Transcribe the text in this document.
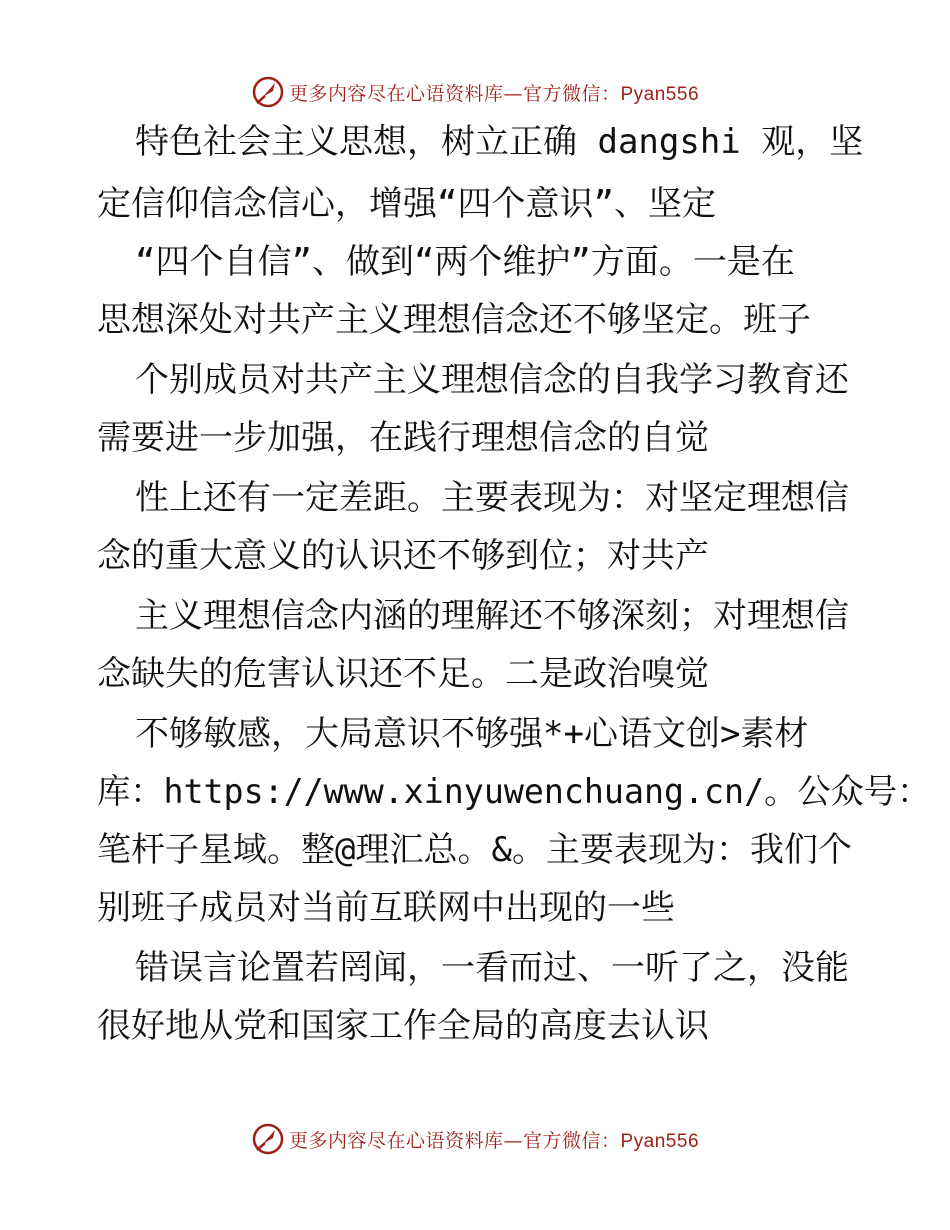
更多内容尽在心语资料库—官方微信：Pyan556
特色社会主义思想，树立正确 dangshi 观，坚
定信仰信念信心，增强“四个意识”、坚定
“四个自信”、做到“两个维护”方面。一是在
思想深处对共产主义理想信念还不够坚定。班子
个别成员对共产主义理想信念的自我学习教育还
需要进一步加强，在践行理想信念的自觉
性上还有一定差距。主要表现为：对坚定理想信
念的重大意义的认识还不够到位；对共产
主义理想信念内涵的理解还不够深刻；对理想信
念缺失的危害认识还不足。二是政治嗅觉
不够敏感，大局意识不够强*+心语文创>素材
库：https://www.xinyuwenchuang.cn/。公众号：
笔杆子星域。整@理汇总。&。主要表现为：我们个
别班子成员对当前互联网中出现的一些
错误言论置若罔闻，一看而过、一听了之，没能
很好地从党和国家工作全局的高度去认识
更多内容尽在心语资料库—官方微信：Pyan556
